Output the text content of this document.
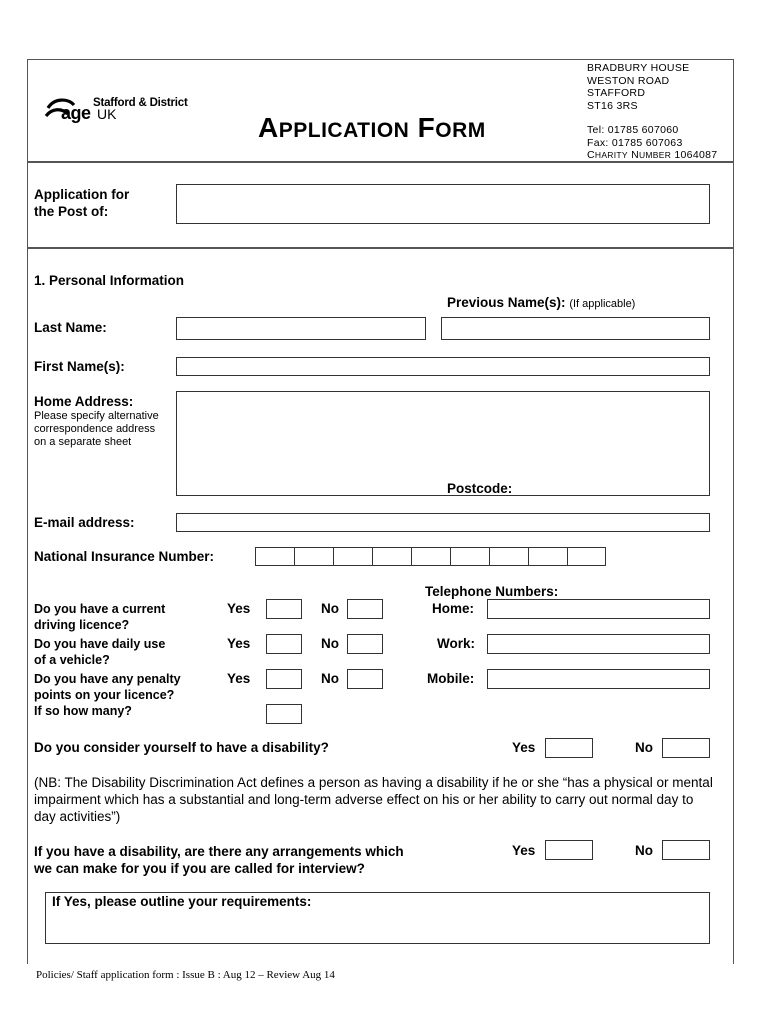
Stafford & District
age UK	APPLICATION FORM
BRADBURY HOUSE
WESTON ROAD
STAFFORD
ST16 3RS
Tel: 01785 607060
Fax: 01785 607063
CHARITY NUMBER 1064087
Application for
the Post of:
1. Personal Information
Previous Name(s): (If applicable)
Last Name:
First Name(s):
Home Address:
Please specify alternative correspondence address on a separate sheet
Postcode:
E-mail address:
National Insurance Number:
Telephone Numbers:
Do you have a current
driving licence?
Yes	No	Home:
Do you have daily use
of a vehicle?
Yes	No	Work:
Do you have any penalty
points on your licence?
If so how many?
Yes	No	Mobile:
Do you consider yourself to have a disability?	Yes	No
(NB: The Disability Discrimination Act defines a person as having a disability if he or she “has a physical or mental impairment which has a substantial and long-term adverse effect on his or her ability to carry out normal day to day activities”)
If you have a disability, are there any arrangements which
we can make for you if you are called for interview?
Yes	No
If Yes, please outline your requirements:
Policies/ Staff application form : Issue B : Aug 12 – Review Aug 14
